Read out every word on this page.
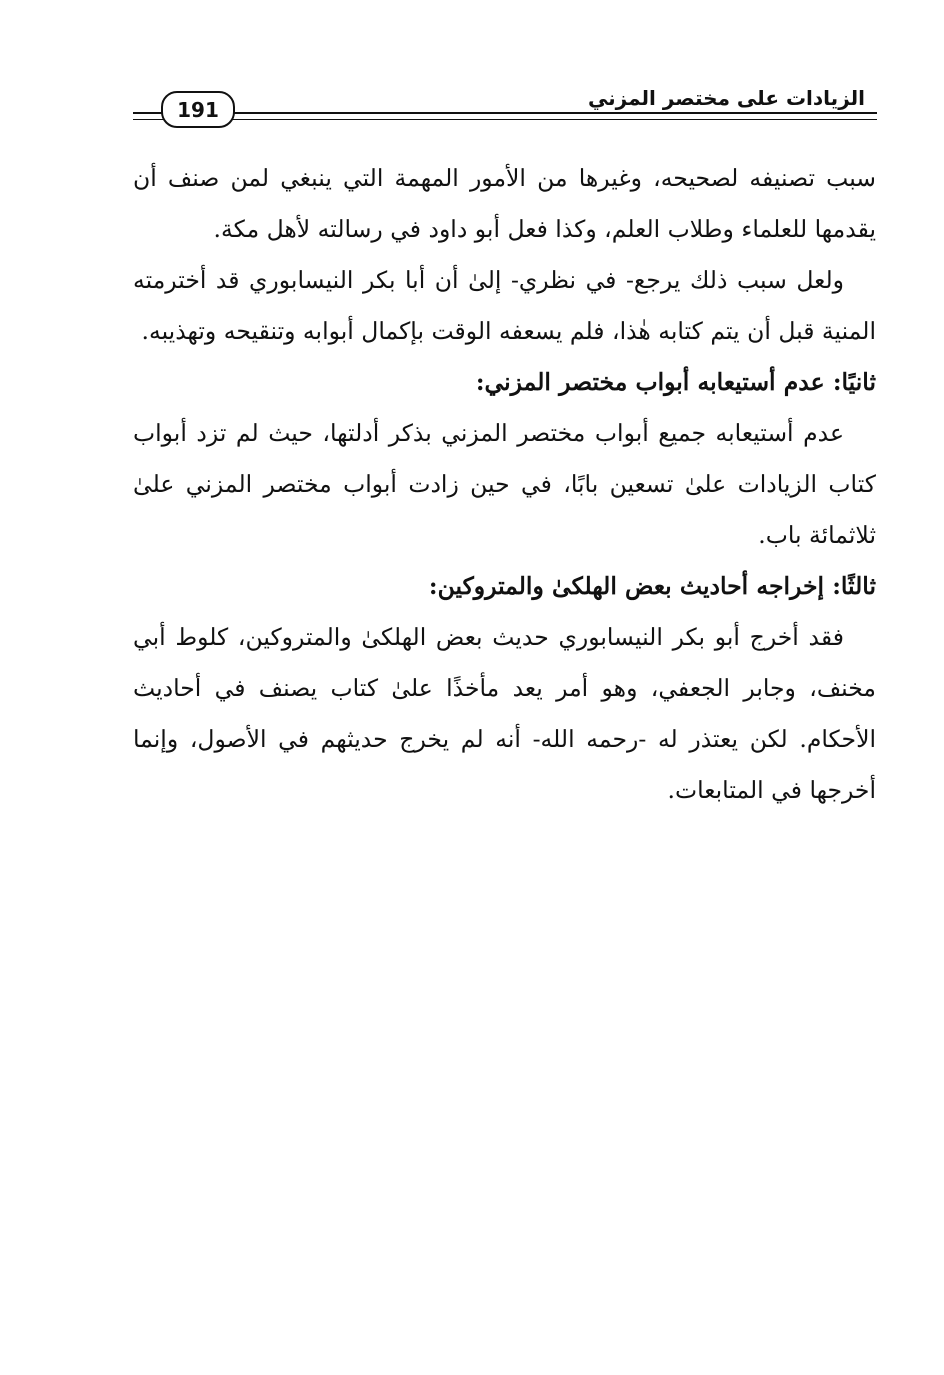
191	الزيادات على مختصر المزني

سبب تصنيفه لصحيحه، وغيرها من الأمور المهمة التي ينبغي لمن صنف أن يقدمها للعلماء وطلاب العلم، وكذا فعل أبو داود في رسالته لأهل مكة.

ولعل سبب ذلك يرجع- في نظري- إلىٰ أن أبا بكر النيسابوري قد أخترمته المنية قبل أن يتم كتابه هٰذا، فلم يسعفه الوقت بإكمال أبوابه وتنقيحه وتهذيبه.

ثانيًا: عدم أستيعابه أبواب مختصر المزني:

عدم أستيعابه جميع أبواب مختصر المزني بذكر أدلتها، حيث لم تزد أبواب كتاب الزيادات علىٰ تسعين بابًا، في حين زادت أبواب مختصر المزني علىٰ ثلاثمائة باب.

ثالثًا: إخراجه أحاديث بعض الهلكىٰ والمتروكين:

فقد أخرج أبو بكر النيسابوري حديث بعض الهلكىٰ والمتروكين، كلوط أبي مخنف، وجابر الجعفي، وهو أمر يعد مأخذًا علىٰ كتاب يصنف في أحاديث الأحكام. لكن يعتذر له -رحمه الله- أنه لم يخرج حديثهم في الأصول، وإنما أخرجها في المتابعات.
